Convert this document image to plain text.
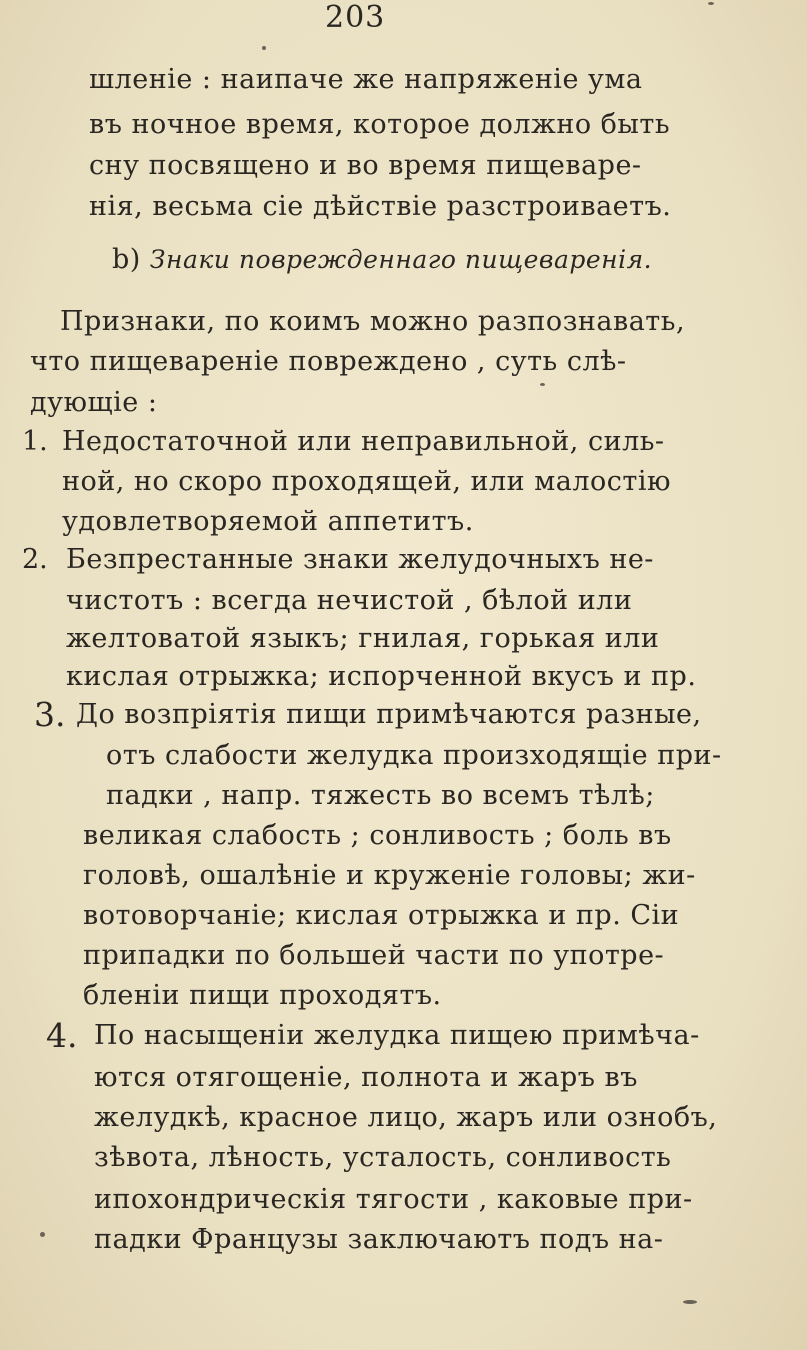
203
шленіе : наипаче же напряженіе ума
въ ночное время, которое должно быть
сну посвящено и во время пищеваре-
нія, весьма сіе дѣйствіе разстроиваетъ.
b) Знаки поврежденнаго пищеваренія.
Признаки, по коимъ можно разпознавать,
что пищевареніе повреждено , суть слѣ-
дующіе :
1. Недостаточной или неправильной, силь-
ной, но скоро проходящей, или малостію
удовлетворяемой аппетитъ.
2. Безпрестанные знаки желудочныхъ не-
чистотъ : всегда нечистой , бѣлой или
желтоватой языкъ; гнилая, горькая или
кислая отрыжка; испорченной вкусъ и пр.
3. До возпріятія пищи примѣчаются разные,
отъ слабости желудка произходящіе при-
падки , напр. тяжесть во всемъ тѣлѣ;
великая слабость ; сонливость ; боль въ
головѣ, ошалѣніе и круженіе головы; жи-
вотоворчаніе; кислая отрыжка и пр. Сіи
припадки по большей части по употре-
бленіи пищи проходятъ.
4. По насыщеніи желудка пищею примѣча-
ются отягощеніе, полнота и жаръ въ
желудкѣ, красное лицо, жаръ или ознобъ,
зѣвота, лѣность, усталость, сонливость
ипохондрическія тягости , каковые при-
падки Французы заключаютъ подъ на-
